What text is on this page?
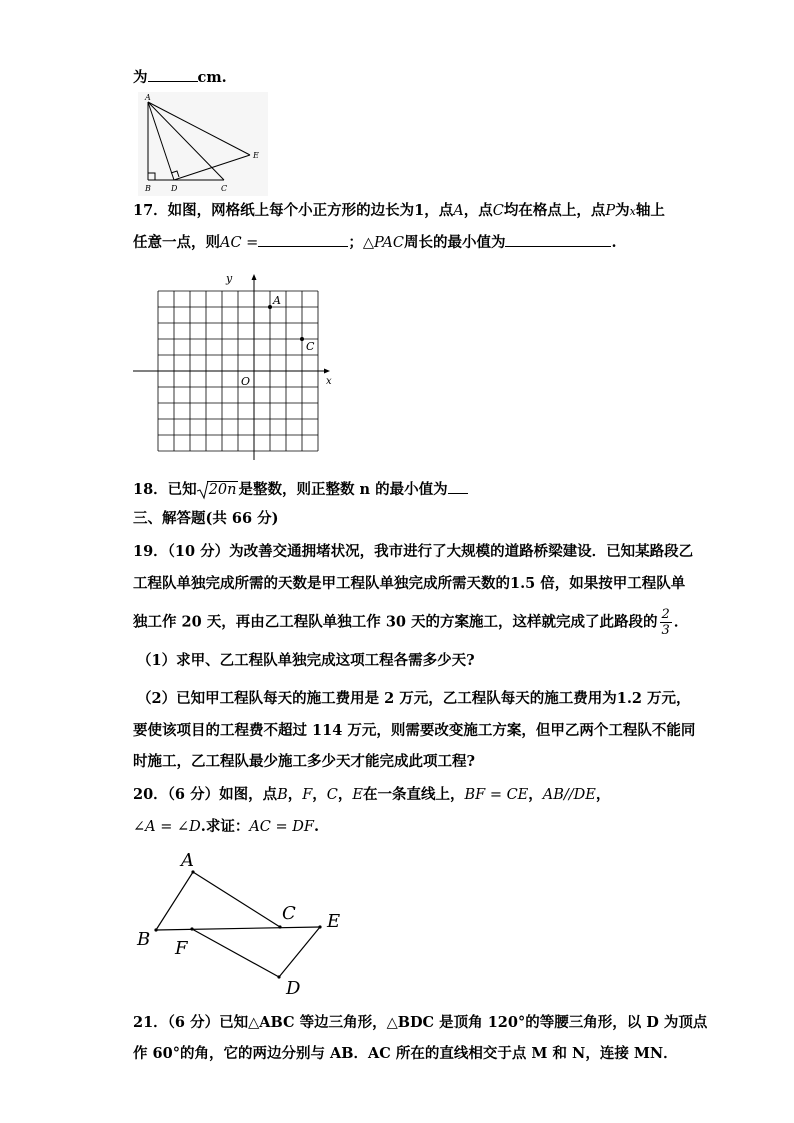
为	cm.
A
E
B	D	C
17．如图，网格纸上每个小正方形的边长为1，点A，点C均在格点上，点P为x轴上
任意一点，则AC =	；△PAC周长的最小值为	.
y
x
O
A
C
18．已知 20n 是整数，则正整数 n 的最小值为
三、解答题(共 66 分)
19．（10 分）为改善交通拥堵状况，我市进行了大规模的道路桥梁建设．已知某路段乙
工程队单独完成所需的天数是甲工程队单独完成所需天数的1.5 倍，如果按甲工程队单
独工作 20 天，再由乙工程队单独工作 30 天的方案施工，这样就完成了此路段的 $\frac{2}{3}$ ．
（1）求甲、乙工程队单独完成这项工程各需多少天?
（2）已知甲工程队每天的施工费用是 2 万元，乙工程队每天的施工费用为1.2 万元，
要使该项目的工程费不超过 114 万元，则需要改变施工方案，但甲乙两个工程队不能同
时施工，乙工程队最少施工多少天才能完成此项工程?
20．（6 分）如图，点B，F，C，E在一条直线上，BF = CE，AB//DE，
∠A = ∠D.求证：AC = DF.
A
C E
B F
D
21．（6 分）已知△ABC 等边三角形，△BDC 是顶角 120°的等腰三角形，以 D 为顶点
作 60°的角，它的两边分别与 AB．AC 所在的直线相交于点 M 和 N，连接 MN．
